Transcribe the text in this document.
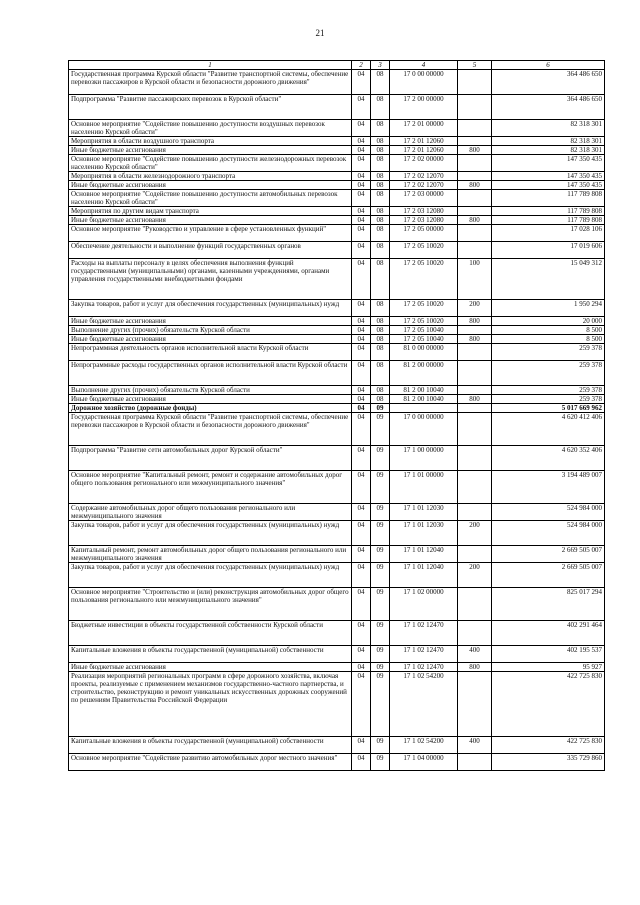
21
1	2	3	4	5	6
Государственная программа Курской области "Развитие транспортной системы, обеспечение перевозки пассажиров в Курской области и безопасности дорожного движения"	04	08	17 0 00 00000		364 486 650
Подпрограмма "Развитие пассажирских перевозок в Курской области"	04	08	17 2 00 00000		364 486 650
Основное мероприятие "Содействие повышению доступности воздушных перевозок населению Курской области"	04	08	17 2 01 00000		82 318 301
Мероприятия в области воздушного транспорта	04	08	17 2 01 12060		82 318 301
Иные бюджетные ассигнования	04	08	17 2 01 12060	800	82 318 301
Основное мероприятие "Содействие повышению доступности железнодорожных перевозок населению Курской области"	04	08	17 2 02 00000		147 350 435
Мероприятия в области железнодорожного транспорта	04	08	17 2 02 12070		147 350 435
Иные бюджетные ассигнования	04	08	17 2 02 12070	800	147 350 435
Основное мероприятие "Содействие повышению доступности автомобильных перевозок населению Курской области"	04	08	17 2 03 00000		117 789 808
Мероприятия по другим видам транспорта	04	08	17 2 03 12080		117 789 808
Иные бюджетные ассигнования	04	08	17 2 03 12080	800	117 789 808
Основное мероприятие "Руководство и управление в сфере установленных функций"	04	08	17 2 05 00000		17 028 106
Обеспечение деятельности и выполнение функций государственных органов	04	08	17 2 05 10020		17 019 606
Расходы на выплаты персоналу в целях обеспечения выполнения функций государственными (муниципальными) органами, казенными учреждениями, органами управления государственными внебюджетными фондами	04	08	17 2 05 10020	100	15 049 312
Закупка товаров, работ и услуг для обеспечения государственных (муниципальных) нужд	04	08	17 2 05 10020	200	1 950 294
Иные бюджетные ассигнования	04	08	17 2 05 10020	800	20 000
Выполнение других (прочих) обязательств Курской области	04	08	17 2 05 10040		8 500
Иные бюджетные ассигнования	04	08	17 2 05 10040	800	8 500
Непрограммная деятельность органов исполнительной власти Курской области	04	08	81 0 00 00000		259 378
Непрограммные расходы государственных органов исполнительной власти Курской области	04	08	81 2 00 00000		259 378
Выполнение других (прочих) обязательств Курской области	04	08	81 2 00 10040		259 378
Иные бюджетные ассигнования	04	08	81 2 00 10040	800	259 378
Дорожное хозяйство (дорожные фонды)	04	09			5 017 669 962
Государственная программа Курской области "Развитие транспортной системы, обеспечение перевозки пассажиров в Курской области и безопасности дорожного движения"	04	09	17 0 00 00000		4 620 412 406
Подпрограмма "Развитие сети автомобильных дорог Курской области"	04	09	17 1 00 00000		4 620 352 406
Основное мероприятие "Капитальный ремонт, ремонт и содержание автомобильных дорог общего пользования регионального или межмуниципального значения"	04	09	17 1 01 00000		3 194 489 007
Содержание автомобильных дорог общего пользования регионального или межмуниципального значения	04	09	17 1 01 12030		524 984 000
Закупка товаров, работ и услуг для обеспечения государственных (муниципальных) нужд	04	09	17 1 01 12030	200	524 984 000
Капитальный ремонт, ремонт автомобильных дорог общего пользования регионального или межмуниципального значения	04	09	17 1 01 12040		2 669 505 007
Закупка товаров, работ и услуг для обеспечения государственных (муниципальных) нужд	04	09	17 1 01 12040	200	2 669 505 007
Основное мероприятие "Строительство и (или) реконструкция автомобильных дорог общего пользования регионального или межмуниципального значения"	04	09	17 1 02 00000		825 017 294
Бюджетные инвестиции в объекты государственной собственности Курской области	04	09	17 1 02 12470		402 291 464
Капитальные вложения в объекты государственной (муниципальной) собственности	04	09	17 1 02 12470	400	402 195 537
Иные бюджетные ассигнования	04	09	17 1 02 12470	800	95 927
Реализация мероприятий региональных программ в сфере дорожного хозяйства, включая проекты, реализуемые с применением механизмов государственно-частного партнерства, и строительство, реконструкцию и ремонт уникальных искусственных дорожных сооружений по решениям Правительства Российской Федерации	04	09	17 1 02 54200		422 725 830
Капитальные вложения в объекты государственной (муниципальной) собственности	04	09	17 1 02 54200	400	422 725 830
Основное мероприятие "Содействие развитию автомобильных дорог местного значения"	04	09	17 1 04 00000		335 729 860
